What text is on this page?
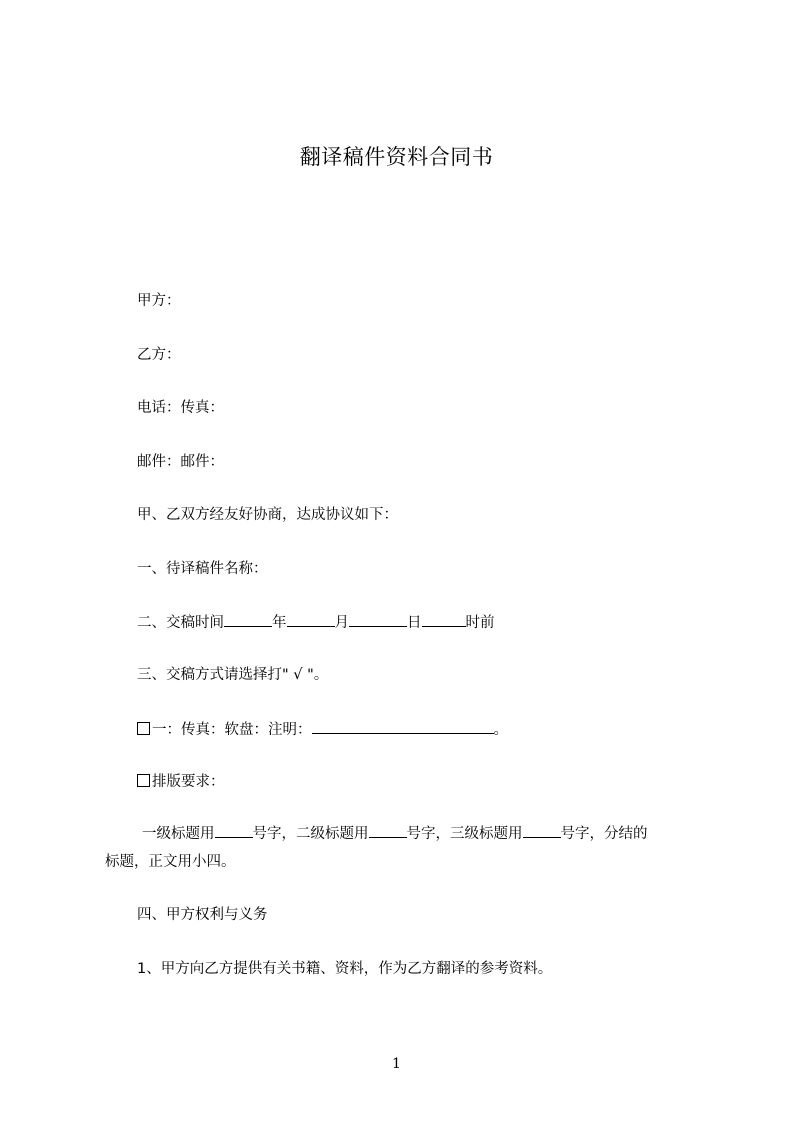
翻译稿件资料合同书
甲方：
乙方：
电话：传真：
邮件：邮件：
甲、乙双方经友好协商，达成协议如下：
一、待译稿件名称：
二、交稿时间	年	月	日	时前
三、交稿方式请选择打" √ "。
一：传真：软盘：注明：	。
排版要求：
一级标题用	号字，二级标题用	号字，三级标题用	号字，分结的
标题，正文用小四。
四、甲方权利与义务
1、甲方向乙方提供有关书籍、资料，作为乙方翻译的参考资料。
1
